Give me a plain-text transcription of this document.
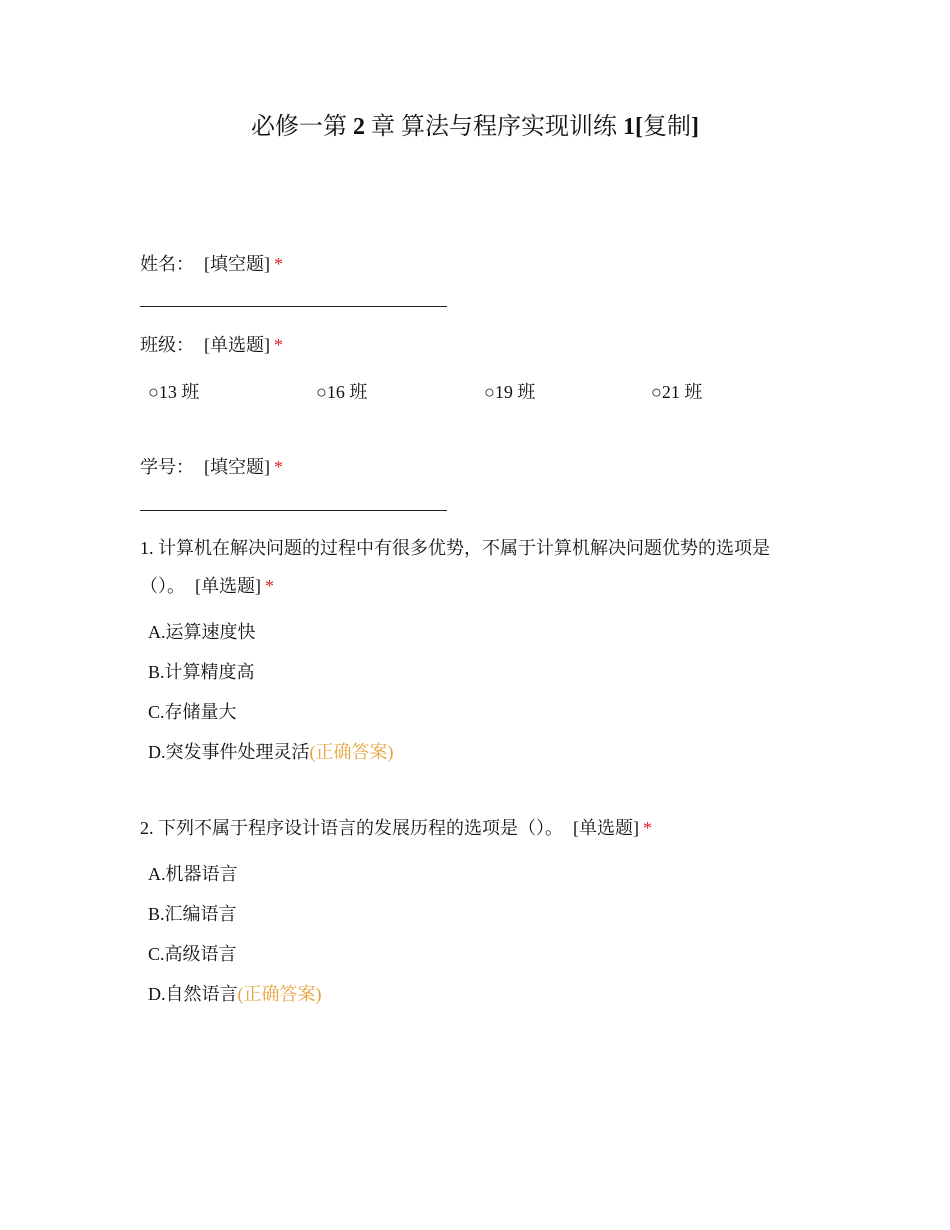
必修一第 2 章 算法与程序实现训练 1[复制]
姓名： [填空题] *
班级： [单选题] *
○13 班	○16 班	○19 班	○21 班
学号： [填空题] *
1. 计算机在解决问题的过程中有很多优势，不属于计算机解决问题优势的选项是
（）。 [单选题] *
A.运算速度快
B.计算精度高
C.存储量大
D.突发事件处理灵活(正确答案)
2. 下列不属于程序设计语言的发展历程的选项是（）。 [单选题] *
A.机器语言
B.汇编语言
C.高级语言
D.自然语言(正确答案)
